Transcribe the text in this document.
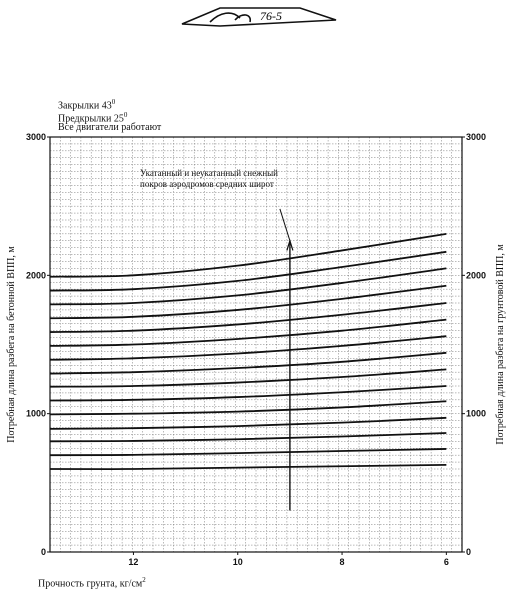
76-5
Закрылки $43^0$
Предкрылки $25^0$
Все двигатели работают
0
1000
2000
3000
0
1000
2000
3000
12	10	8	6
Потребная длина разбега на бетонной ВПП, м	Потребная длина разбега на грунтовой ВПП, м
Укатанный и неукатанный снежный покров аэродромов средних широт
Прочность грунта, $кг/см^2$
